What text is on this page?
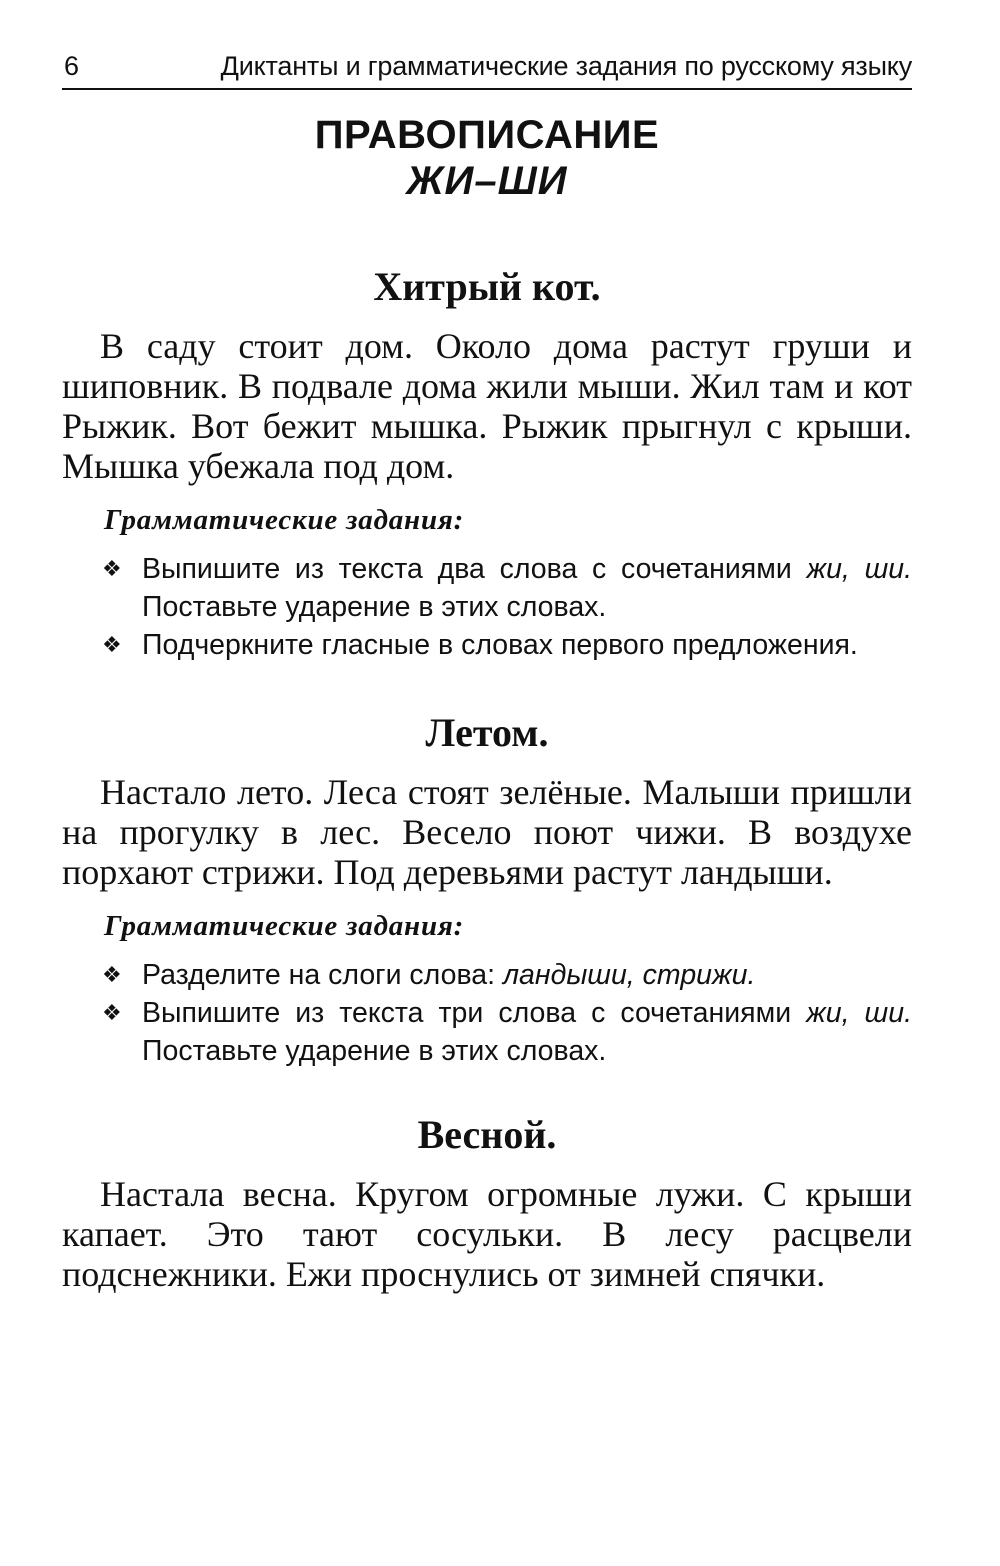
6	Диктанты и грамматические задания по русскому языку
ПРАВОПИСАНИЕ
ЖИ–ШИ
Хитрый кот.
В саду стоит дом. Около дома растут груши и шиповник. В подвале дома жили мыши. Жил там и кот Рыжик. Вот бежит мышка. Рыжик прыгнул с крыши. Мышка убежала под дом.
Грамматические задания:
❖ Выпишите из текста два слова с сочетаниями жи, ши. Поставьте ударение в этих словах.
❖ Подчеркните гласные в словах первого предложения.
Летом.
Настало лето. Леса стоят зелёные. Малыши пришли на прогулку в лес. Весело поют чижи. В воздухе порхают стрижи. Под деревьями растут ландыши.
Грамматические задания:
❖ Разделите на слоги слова: ландыши, стрижи.
❖ Выпишите из текста три слова с сочетаниями жи, ши. Поставьте ударение в этих словах.
Весной.
Настала весна. Кругом огромные лужи. С крыши капает. Это тают сосульки. В лесу расцвели подснежники. Ежи проснулись от зимней спячки.
